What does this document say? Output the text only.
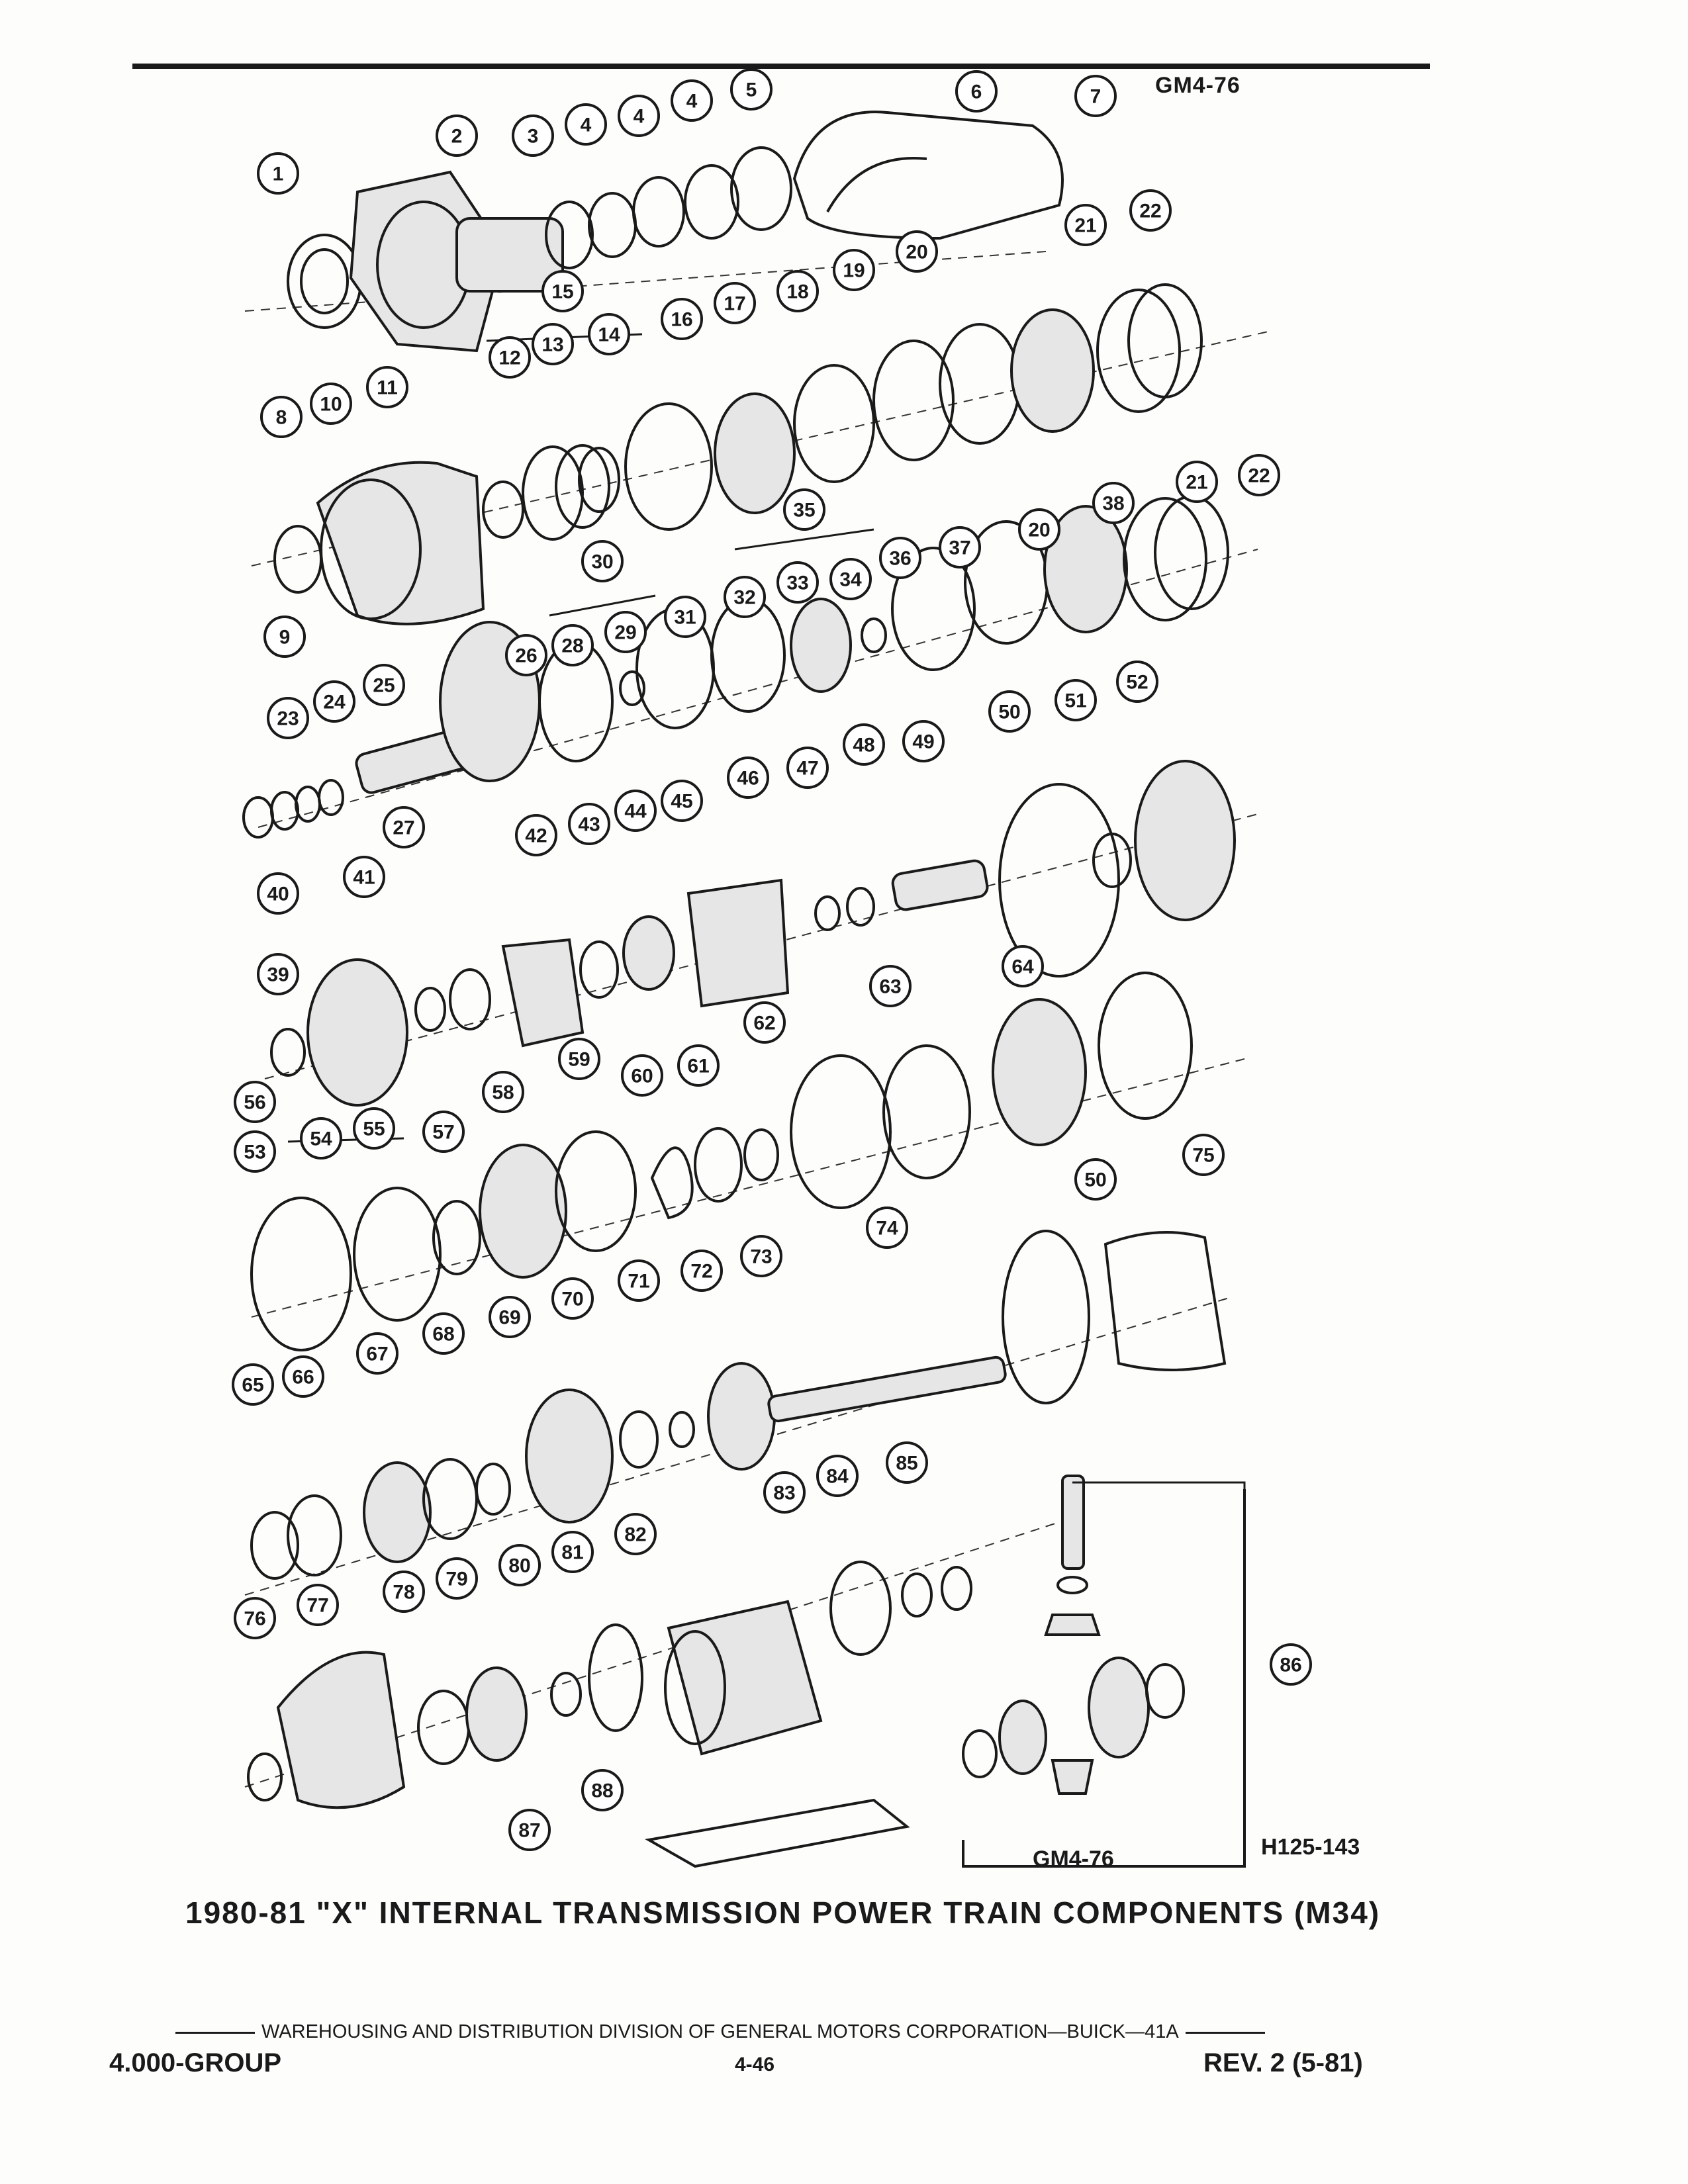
GM4-76
1
2	3
4 4
4
5	6	7
21
22
15
12
13 14
16
17
18
19
20
8
10
11
35	38
21 22
30	36 37
20
9
31
32
33 34
28
29
26
23
24
25
47
48 49
50
51
52
27
46
42
43
44 45
40
41
39
63
64
59
60 61
62
56
57
58
54 55
53
50
75
74
72
73
70
71
68
69
67
65 66
83
84
85
86
82
79
80
81
78
76
77
88
87
GM4-76	H125-143
1980-81 "X" INTERNAL TRANSMISSION POWER TRAIN COMPONENTS (M34)
WAREHOUSING AND DISTRIBUTION DIVISION OF GENERAL MOTORS CORPORATION—BUICK—41A
4.000-GROUP	4-46	REV. 2 (5-81)
